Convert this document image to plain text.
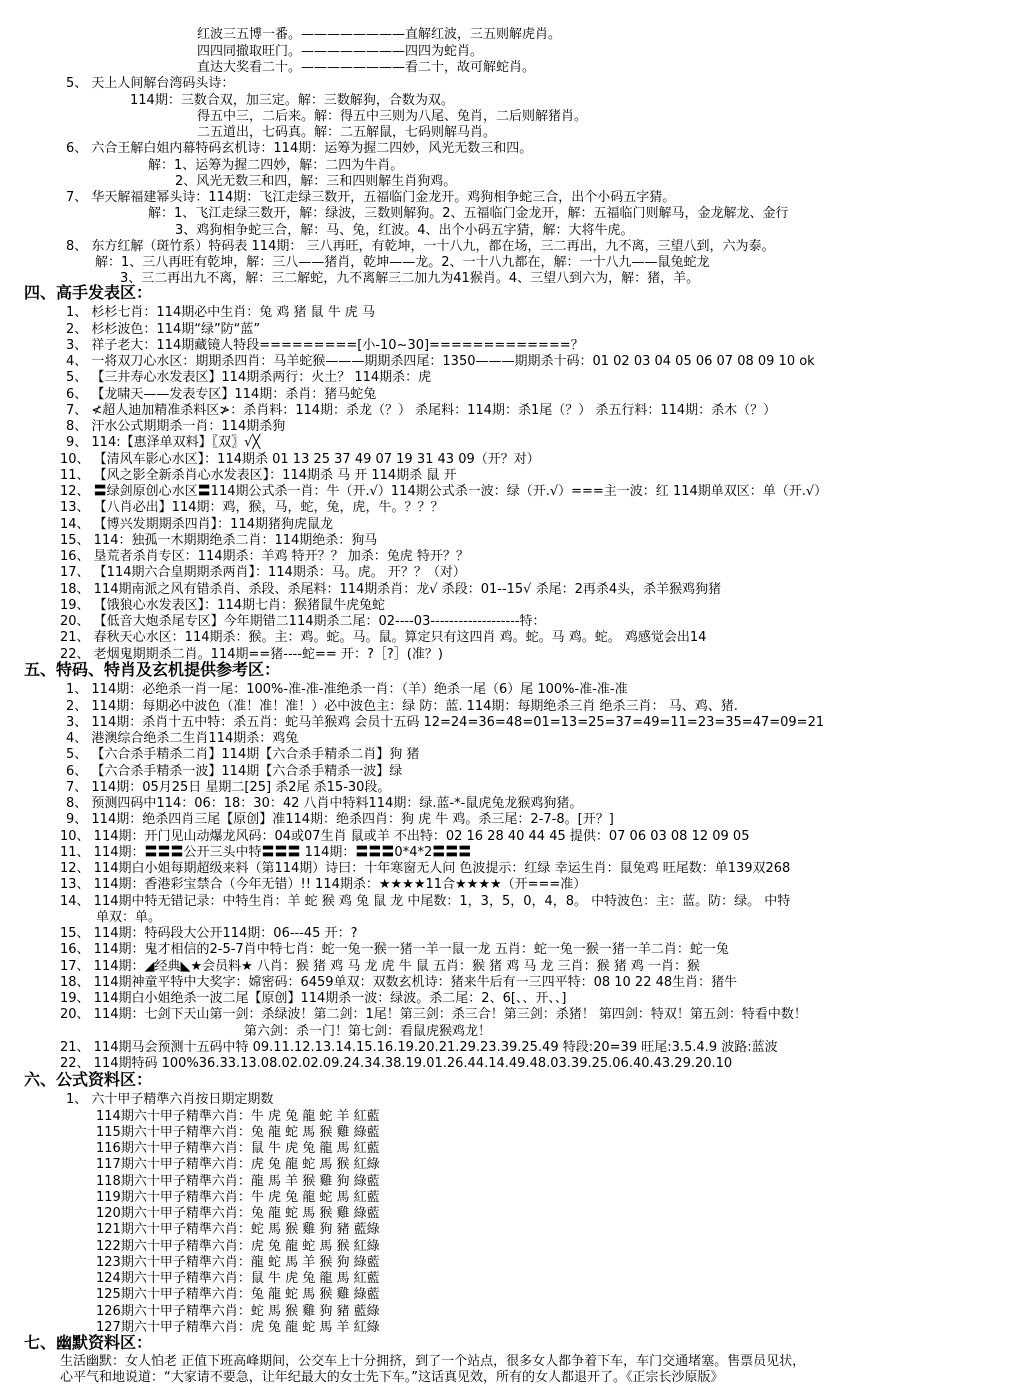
红波三五博一番。————————直解红波，三五则解虎肖。
四四同撤取旺门。————————四四为蛇肖。
直达大奖看二十。————————看二十，故可解蛇肖。
5、 天上人间解台湾码头诗：
114期：三数合双，加三定。解：三数解狗，合数为双。
得五中三，二后来。解：得五中三则为八尾、兔肖，二后则解猪肖。
二五道出，七码真。解：二五解鼠，七码则解马肖。
6、 六合王解白姐内幕特码玄机诗：114期：运筹为握二四妙，风光无数三和四。
解：1、运筹为握二四妙，解：二四为牛肖。
2、风光无数三和四，解：三和四则解生肖狗鸡。
7、 华天解福建幂头诗：114期：飞江走绿三数开，五福临门金龙开。鸡狗相争蛇三合，出个小码五字猜。
解：1、飞江走绿三数开，解：绿波，三数则解狗。2、五福临门金龙开，解：五福临门则解马，金龙解龙、金行
3、鸡狗相争蛇三合，解：马、兔，红波。4、出个小码五字猜，解：大将牛虎。
8、 东方红解（斑竹系）特码表 114期： 三八再旺，有乾坤，一十八九，都在场，三二再出，九不离，三望八到，六为泰。
解：1、三八再旺有乾坤，解：三八——猪肖，乾坤——龙。2、一十八九都在，解：一十八九——鼠兔蛇龙
3、三二再出九不离，解：三二解蛇，九不离解三二加九为41猴肖。4、三望八到六为，解：猪，羊。
四、高手发表区：
1、 杉杉七肖：114期必中生肖：兔 鸡 猪 鼠 牛 虎 马
2、 杉杉波色：114期“绿”防“蓝”
3、 祥子老大：114期藏镜人特段=========[小-10~30]=============？
4、 一将双刀心水区：期期杀四肖：马羊蛇猴———期期杀四尾：1350———期期杀十码：01 02 03 04 05 06 07 08 09 10 ok
5、 【三井寿心水发表区】114期杀两行：火土？ 114期杀：虎
6、 【龙啸天——发表专区】114期：杀肖：猪马蛇兔
7、 ≮超人迪加精准杀料区≯：杀肖料：114期：杀龙（？） 杀尾料：114期：杀1尾（？） 杀五行料：114期：杀木（？）
8、 汗水公式期期杀一肖：114期杀狗
9、 114:【惠泽单双料】〖双〗√╳
10、 【清风车影心水区】：114期杀 01 13 25 37 49 07 19 31 43 09（开？对）
11、 【风之影全新杀肖心水发表区】：114期杀 马 开 114期杀 鼠 开
12、 〓绿剑原创心水区〓114期公式杀一肖：牛（开.√）114期公式杀一波：绿（开.√）===主一波：红 114期单双区：单（开.√）
13、 【八肖必出】114期：鸡，猴，马，蛇，兔，虎，牛。？？？
14、 【博兴发期期杀四肖】：114期猪狗虎鼠龙
15、 114：独孤一木期期绝杀二肖：114期绝杀：狗马
16、 垦荒者杀肖专区：114期杀：羊鸡 特开？？ 加杀：兔虎 特开？？
17、 【114期六合皇期期杀两肖】：114期杀：马。虎。 开？？（对）
18、 114期南派之风有错杀肖、杀段、杀尾料：114期杀肖：龙√ 杀段：01--15√ 杀尾：2再杀4头，杀羊猴鸡狗猪
19、 【饿狼心水发表区】：114期七肖：猴猪鼠牛虎兔蛇
20、 【低音大炮杀尾专区】今年期错二114期杀二尾：02----03-------------------特：
21、 春秋天心水区：114期杀：猴。主：鸡。蛇。马。鼠。算定只有这四肖 鸡。蛇。马 鸡。蛇。 鸡感觉会出14
22、 老烟鬼期期杀二肖。114期==猪----蛇== 开：?［?］(准？)
五、特码、特肖及玄机提供参考区：
1、 114期：必绝杀一肖一尾：100%-准-准-准绝杀一肖：（羊）绝杀一尾（6）尾 100%-准-准-准
2、 114期：每期必中波色（准！准！准！）必中波色主：绿 防：蓝. 114期：每期绝杀三肖 绝杀三肖： 马、鸡、猪.
3、 114期：杀肖十五中特：杀五肖：蛇马羊猴鸡 会员十五码 12=24=36=48=01=13=25=37=49=11=23=35=47=09=21
4、 港澳综合绝杀二生肖114期杀：鸡兔
5、 【六合杀手精杀二肖】114期【六合杀手精杀二肖】狗 猪
6、 【六合杀手精杀一波】114期【六合杀手精杀一波】绿
7、 114期：05月25日 星期二[25] 杀2尾 杀15-30段。
8、 预测四码中114：06：18：30：42 八肖中特料114期：绿.蓝-*-鼠虎兔龙猴鸡狗猪。
9、 114期：绝杀四肖三尾【原创】准114期：绝杀四肖：狗 虎 牛 鸡。杀三尾：2-7-8。[开？]
10、 114期：开门见山动爆龙风码：04或07生肖 鼠或羊 不出特：02 16 28 40 44 45 提供：07 06 03 08 12 09 05
11、 114期：〓〓〓公开三头中特〓〓〓 114期：〓〓〓0*4*2〓〓〓
12、 114期白小姐每期超级来料（第114期）诗曰：十年寒窗无人问 色波提示：红绿 幸运生肖：鼠兔鸡 旺尾数：单139双268
13、 114期：香港彩宝禁合（今年无错）!! 114期杀：★★★★11合★★★★（开===准）
14、 114期中特无错记录：中特生肖：羊 蛇 猴 鸡 兔 鼠 龙 中尾数：1，3，5，0，4，8。 中特波色：主：蓝。防：绿。 中特
单双：单。
15、 114期：特码段大公开114期：06---45 开：?
16、 114期：鬼才相信的2-5-7肖中特七肖：蛇一兔一猴一猪一羊一鼠一龙 五肖：蛇一兔一猴一猪一羊二肖：蛇一兔
17、 114期：◢经典◣★会员料★ 八肖：猴 猪 鸡 马 龙 虎 牛 鼠 五肖：猴 猪 鸡 马 龙 三肖：猴 猪 鸡 一肖：猴
18、 114期神童平特中大奖字：嫦密码：6459单双：双数玄机诗：猪来牛后有一三四平特：08 10 22 48生肖：猪牛
19、 114期白小姐绝杀一波二尾【原创】114期杀一波：绿波。杀二尾：2、6[、、开、、]
20、 114期：七剑下天山第一剑：杀绿波！第二剑：1尾！第三剑：杀三合！第三剑：杀猪！ 第四剑：特双！第五剑：特看中数！
第六剑：杀一门！第七剑：看鼠虎猴鸡龙！
21、 114期马会预测十五码中特 09.11.12.13.14.15.16.19.20.21.29.23.39.25.49 特段:20=39 旺尾:3.5.4.9 波路:蓝波
22、 114期特码 100%36.33.13.08.02.02.09.24.34.38.19.01.26.44.14.49.48.03.39.25.06.40.43.29.20.10
六、公式资料区：
1、 六十甲子精準六肖按日期定期数
114期六十甲子精準六肖：牛 虎 兔 龍 蛇 羊 紅藍
115期六十甲子精準六肖：兔 龍 蛇 馬 猴 雞 綠藍
116期六十甲子精準六肖：鼠 牛 虎 兔 龍 馬 紅藍
117期六十甲子精準六肖：虎 兔 龍 蛇 馬 猴 紅綠
118期六十甲子精準六肖：龍 馬 羊 猴 雞 狗 綠藍
119期六十甲子精準六肖：牛 虎 兔 龍 蛇 馬 紅藍
120期六十甲子精準六肖：兔 龍 蛇 馬 猴 雞 綠藍
121期六十甲子精準六肖：蛇 馬 猴 雞 狗 豬 藍綠
122期六十甲子精準六肖：虎 兔 龍 蛇 馬 猴 紅綠
123期六十甲子精準六肖：龍 蛇 馬 羊 猴 狗 綠藍
124期六十甲子精準六肖：鼠 牛 虎 兔 龍 馬 紅藍
125期六十甲子精準六肖：兔 龍 蛇 馬 猴 雞 綠藍
126期六十甲子精準六肖：蛇 馬 猴 雞 狗 豬 藍綠
127期六十甲子精準六肖：虎 兔 龍 蛇 馬 羊 紅綠
七、幽默资料区：
生活幽默：女人怕老 正值下班高峰期间，公交车上十分拥挤，到了一个站点，很多女人都争着下车，车门交通堵塞。售票员见状，
心平气和地说道：“大家请不要急，让年纪最大的女士先下车。”这话真见效，所有的女人都退开了。《正宗长沙原版》
